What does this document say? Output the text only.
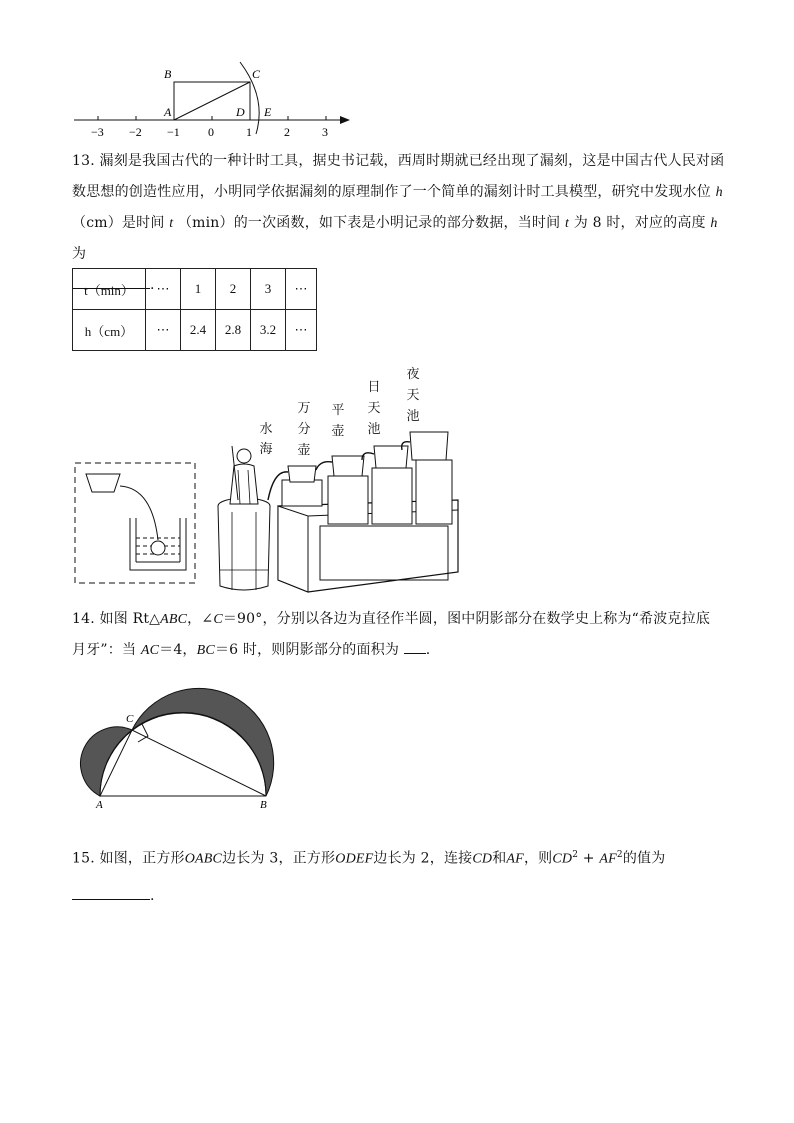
B	C
A	D E
−3 −2 −1 0	1	2	3
13. 漏刻是我国古代的一种计时工具，据史书记载，西周时期就已经出现了漏刻，这是中国古代人民对函
数思想的创造性应用，小明同学依据漏刻的原理制作了一个简单的漏刻计时工具模型，研究中发现水位 h
（cm）是时间 t （min）的一次函数，如下表是小明记录的部分数据，当时间 t 为 8 时，对应的高度 h 为
.
t（min）	⋯	1	2	3	⋯
h（cm）	⋯	2.4	2.8	3.2	⋯
水
海
万
分
壶
平
壶
日
天
池
夜
天
池
14. 如图 Rt△ABC，∠C＝90°，分别以各边为直径作半圆，图中阴影部分在数学史上称为“希波克拉底
月牙”：当 AC＝4，BC＝6 时，则阴影部分的面积为 .
C
A	B
15. 如图，正方形OABC边长为 3，正方形ODEF边长为 2，连接CD和AF，则$CD^2 + AF^2$的值为
.
